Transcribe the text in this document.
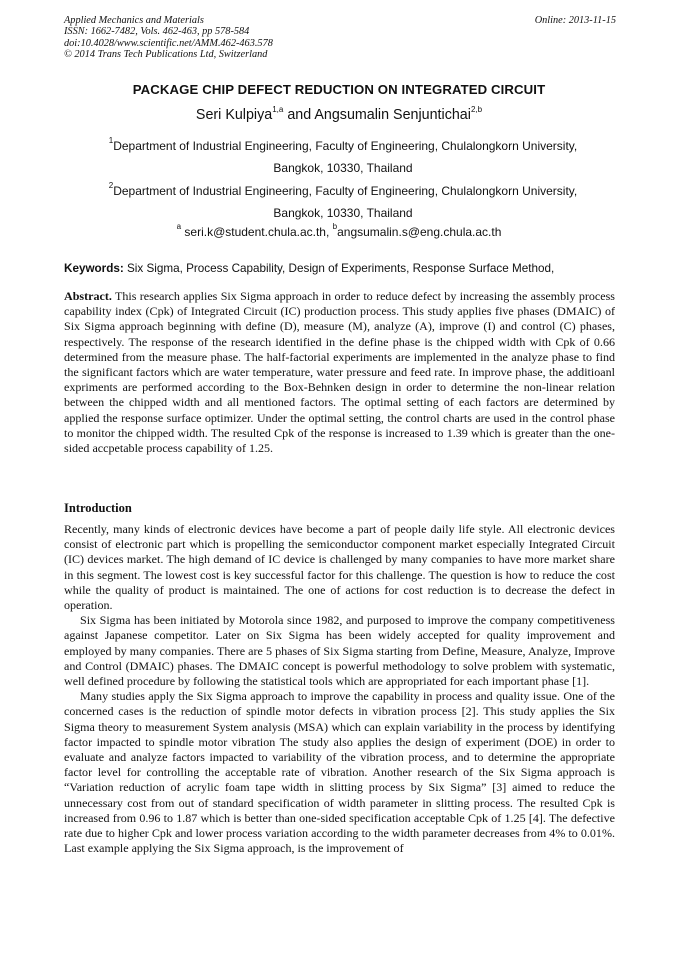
Applied Mechanics and Materials
ISSN: 1662-7482, Vols. 462-463, pp 578-584
doi:10.4028/www.scientific.net/AMM.462-463.578
© 2014 Trans Tech Publications Ltd, Switzerland
Online: 2013-11-15
PACKAGE CHIP DEFECT REDUCTION ON INTEGRATED CIRCUIT
Seri Kulpiya$^{1,a}$ and Angsumalin Senjuntichai$^{2,b}$
$^1$Department of Industrial Engineering, Faculty of Engineering, Chulalongkorn University,
Bangkok, 10330, Thailand
$^2$Department of Industrial Engineering, Faculty of Engineering, Chulalongkorn University,
Bangkok, 10330, Thailand
$^a$ seri.k@student.chula.ac.th, $^b$angsumalin.s@eng.chula.ac.th
Keywords: Six Sigma, Process Capability, Design of Experiments, Response Surface Method,
Abstract. This research applies Six Sigma approach in order to reduce defect by increasing the assembly process capability index (Cpk) of Integrated Circuit (IC) production process. This study applies five phases (DMAIC) of Six Sigma approach beginning with define (D), measure (M), analyze (A), improve (I) and control (C) phases, respectively. The response of the research identified in the define phase is the chipped width with Cpk of 0.66 determined from the measure phase. The half-factorial experiments are implemented in the analyze phase to find the significant factors which are water temperature, water pressure and feed rate. In improve phase, the additioanl expriments are performed according to the Box-Behnken design in order to determine the non-linear relation between the chipped width and all mentioned factors. The optimal setting of each factors are determined by applied the response surface optimizer. Under the optimal setting, the control charts are used in the control phase to monitor the chipped width. The resulted Cpk of the response is increased to 1.39 which is greater than the one-sided accpetable process capability of 1.25.
Introduction

Recently, many kinds of electronic devices have become a part of people daily life style. All electronic devices consist of electronic part which is propelling the semiconductor component market especially Integrated Circuit (IC) devices market. The high demand of IC device is challenged by many companies to have more market share in this segment. The lowest cost is key successful factor for this challenge. The question is how to reduce the cost while the quality of product is maintained. The one of actions for cost reduction is to decrease the defect in operation.

Six Sigma has been initiated by Motorola since 1982, and purposed to improve the company competitiveness against Japanese competitor. Later on Six Sigma has been widely accepted for quality improvement and employed by many companies. There are 5 phases of Six Sigma starting from Define, Measure, Analyze, Improve and Control (DMAIC) phases. The DMAIC concept is powerful methodology to solve problem with systematic, well defined procedure by following the statistical tools which are appropriated for each important phase [1].

Many studies apply the Six Sigma approach to improve the capability in process and quality issue. One of the concerned cases is the reduction of spindle motor defects in vibration process [2]. This study applies the Six Sigma theory to measurement System analysis (MSA) which can explain variability in the process by identifying factor impacted to spindle motor vibration The study also applies the design of experiment (DOE) in order to evaluate and analyze factors impacted to variability of the vibration process, and to determine the appropriate factor level for controlling the acceptable rate of vibration. Another research of the Six Sigma approach is “Variation reduction of acrylic foam tape width in slitting process by Six Sigma” [3] aimed to reduce the unnecessary cost from out of standard specification of width parameter in slitting process. The resulted Cpk is increased from 0.96 to 1.87 which is better than one-sided specification acceptable Cpk of 1.25 [4]. The defective rate due to higher Cpk and lower process variation according to the width parameter decreases from 4% to 0.01%. Last example applying the Six Sigma approach, is the improvement of
